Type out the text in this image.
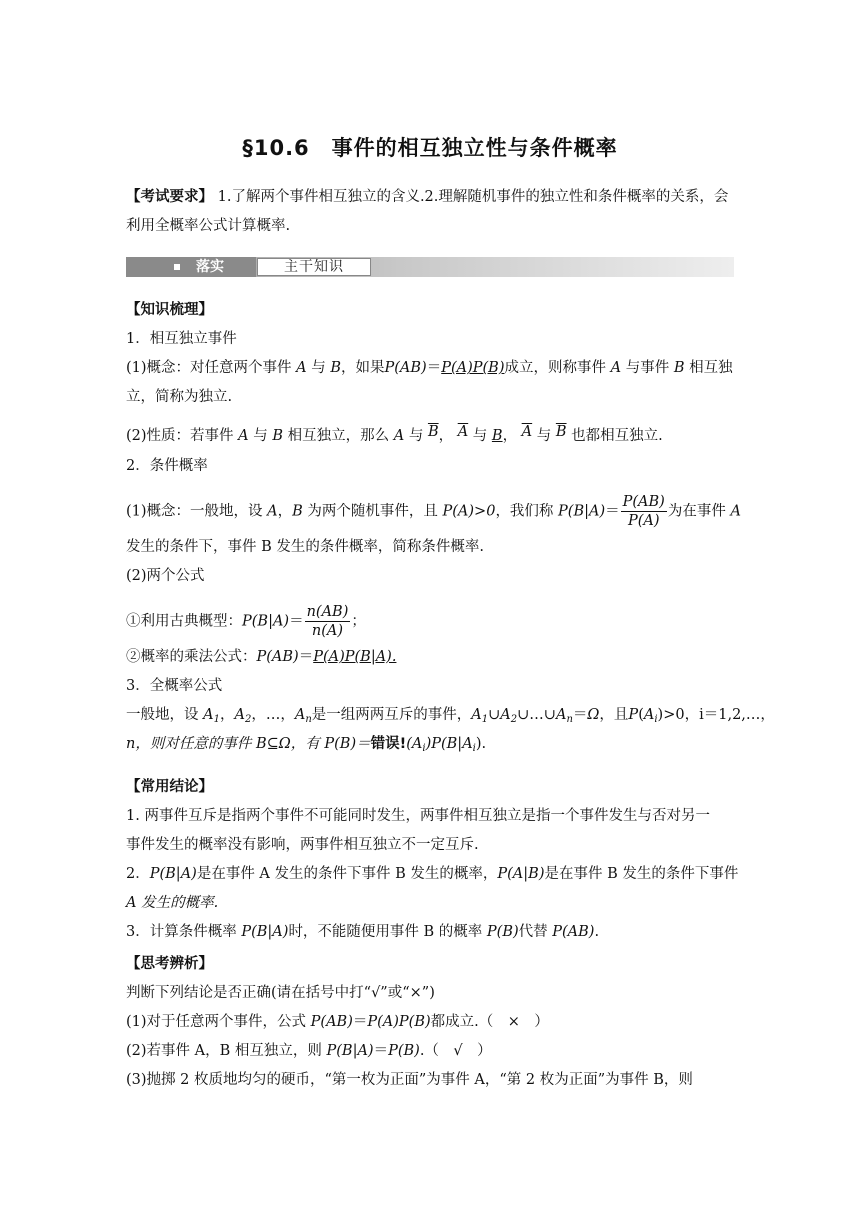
§10.6　事件的相互独立性与条件概率
【考试要求】 1.了解两个事件相互独立的含义.2.理解随机事件的独立性和条件概率的关系，会
利用全概率公式计算概率.
落实	主干知识
【知识梳理】
1．相互独立事件
(1)概念：对任意两个事件 A 与 B，如果P(AB)＝P(A)P(B)成立，则称事件 A 与事件 B 相互独
立，简称为独立.
(2)性质：若事件 A 与 B 相互独立，那么 A 与 $\overline{B}$， $\overline{A}$ 与 B， $\overline{A}$ 与 $\overline{B}$ 也都相互独立.
2．条件概率
(1)概念：一般地，设 A，B 为两个随机事件，且 P(A)>0，我们称 $P(B|A)= \frac{P(AB)}{P(A)}$ 为在事件 A
发生的条件下，事件 B 发生的条件概率，简称条件概率.
(2)两个公式
①利用古典概型：$P(B|A)= \frac{n(AB)}{n(A)}$ ；
②概率的乘法公式：P(AB)＝P(A)P(B|A).
3．全概率公式
一般地，设 $A_1$，$A_2$，…，$A_n$是一组两两互斥的事件，$A_1\cup A_2\cup\dots\cup A_n=\Omega$，且$P(A_i)>0$，i＝1,2,…，
n，则对任意的事件 B⊆Ω，有 P(B)＝错误$!(A_i)P(B|A_i)$.
【常用结论】
1. 两事件互斥是指两个事件不可能同时发生，两事件相互独立是指一个事件发生与否对另一
事件发生的概率没有影响，两事件相互独立不一定互斥.
2．P(B|A)是在事件 A 发生的条件下事件 B 发生的概率，P(A|B)是在事件 B 发生的条件下事件
A 发生的概率.
3．计算条件概率 P(B|A)时，不能随便用事件 B 的概率 P(B)代替 P(AB).
【思考辨析】
判断下列结论是否正确(请在括号中打“√”或“×”)
(1)对于任意两个事件，公式 P(AB)＝P(A)P(B)都成立.（　×　）
(2)若事件 A，B 相互独立，则 P(B|A)＝P(B).（　√　）
(3)抛掷 2 枚质地均匀的硬币，“第一枚为正面”为事件 A，“第 2 枚为正面”为事件 B，则
